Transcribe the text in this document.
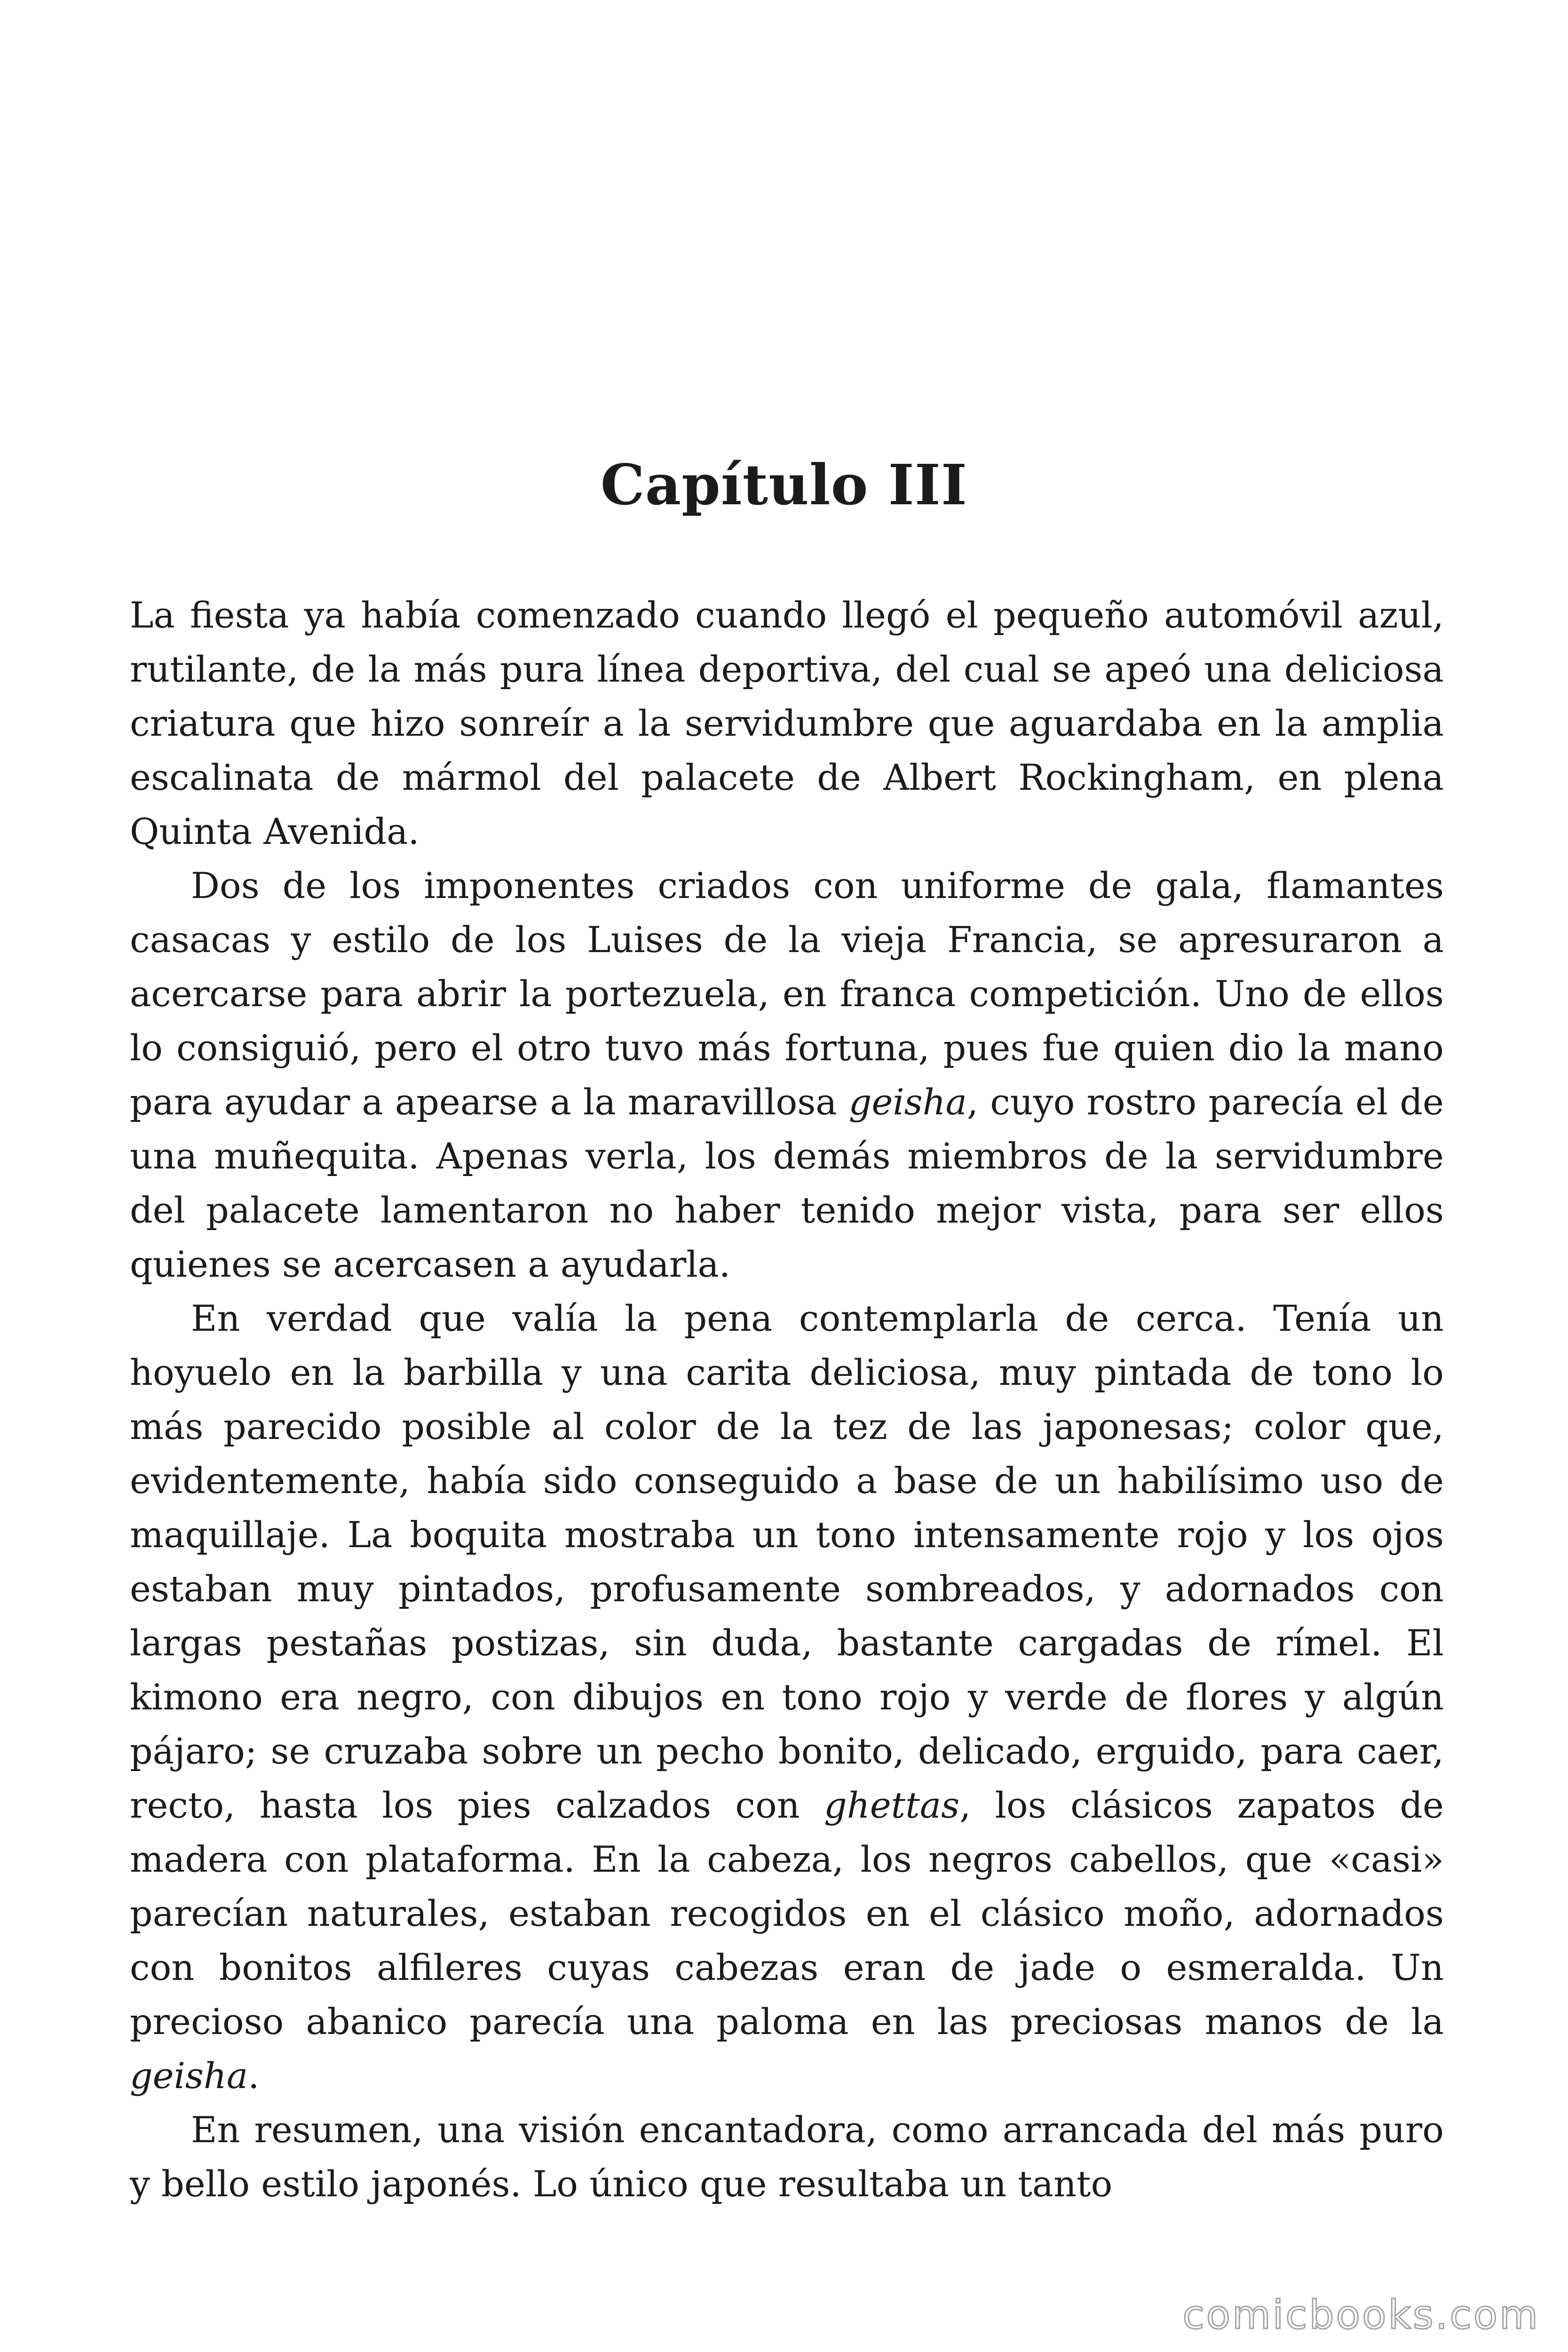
Capítulo III

La fiesta ya había comenzado cuando llegó el pequeño automóvil azul, rutilante, de la más pura línea deportiva, del cual se apeó una deliciosa criatura que hizo sonreír a la servidumbre que aguardaba en la amplia escalinata de mármol del palacete de Albert Rockingham, en plena Quinta Avenida.

Dos de los imponentes criados con uniforme de gala, flamantes casacas y estilo de los Luises de la vieja Francia, se apresuraron a acercarse para abrir la portezuela, en franca competición. Uno de ellos lo consiguió, pero el otro tuvo más fortuna, pues fue quien dio la mano para ayudar a apearse a la maravillosa geisha, cuyo rostro parecía el de una muñequita. Apenas verla, los demás miembros de la servidumbre del palacete lamentaron no haber tenido mejor vista, para ser ellos quienes se acercasen a ayudarla.

En verdad que valía la pena contemplarla de cerca. Tenía un hoyuelo en la barbilla y una carita deliciosa, muy pintada de tono lo más parecido posible al color de la tez de las japonesas; color que, evidentemente, había sido conseguido a base de un habilísimo uso de maquillaje. La boquita mostraba un tono intensamente rojo y los ojos estaban muy pintados, profusamente sombreados, y adornados con largas pestañas postizas, sin duda, bastante cargadas de rímel. El kimono era negro, con dibujos en tono rojo y verde de flores y algún pájaro; se cruzaba sobre un pecho bonito, delicado, erguido, para caer, recto, hasta los pies calzados con ghettas, los clásicos zapatos de madera con plataforma. En la cabeza, los negros cabellos, que «casi» parecían naturales, estaban recogidos en el clásico moño, adornados con bonitos alfileres cuyas cabezas eran de jade o esmeralda. Un precioso abanico parecía una paloma en las preciosas manos de la geisha.

En resumen, una visión encantadora, como arrancada del más puro y bello estilo japonés. Lo único que resultaba un tanto

comicbooks.com
